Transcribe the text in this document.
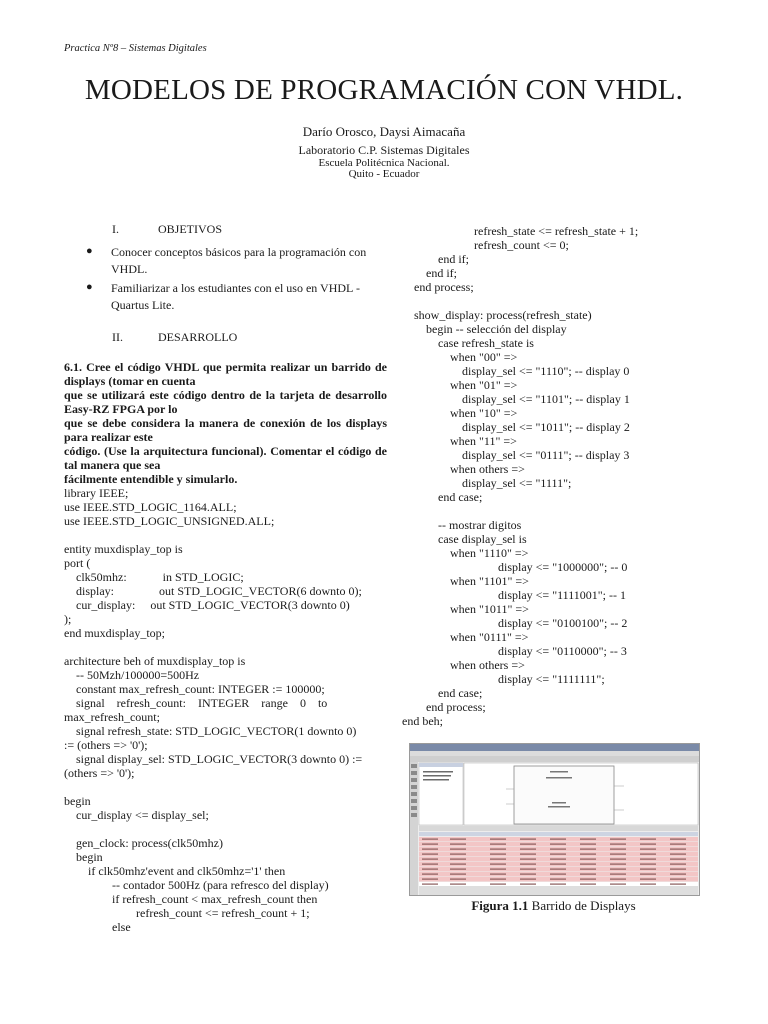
Practica Nº8 – Sistemas Digitales
MODELOS DE PROGRAMACIÓN CON VHDL.
Darío Orosco, Daysi Aimacaña
Laboratorio C.P. Sistemas Digitales
Escuela Politécnica Nacional.
Quito - Ecuador
I.	OBJETIVOS
●	Conocer conceptos básicos para la programación con VHDL.
●	Familiarizar a los estudiantes con el uso en VHDL - Quartus Lite.
II.	DESARROLLO
6.1. Cree el código VHDL que permita realizar un barrido de displays (tomar en cuenta
que se utilizará este código dentro de la tarjeta de desarrollo Easy-RZ FPGA por lo
que se debe considera la manera de conexión de los displays para realizar este
código. (Use la arquitectura funcional). Comentar el código de tal manera que sea
fácilmente entendible y simularlo.
library IEEE;
use IEEE.STD_LOGIC_1164.ALL;
use IEEE.STD_LOGIC_UNSIGNED.ALL;
entity muxdisplay_top is
port (
clk50mhz:            in STD_LOGIC;
display:               out STD_LOGIC_VECTOR(6 downto 0);
cur_display:     out STD_LOGIC_VECTOR(3 downto 0)
);
end muxdisplay_top;
architecture beh of muxdisplay_top is
-- 50Mzh/100000=500Hz
constant max_refresh_count: INTEGER := 100000;
signal    refresh_count:    INTEGER    range    0    to
max_refresh_count;
signal refresh_state: STD_LOGIC_VECTOR(1 downto 0)
:= (others => '0');
signal display_sel: STD_LOGIC_VECTOR(3 downto 0) :=
(others => '0');
begin
cur_display <= display_sel;
gen_clock: process(clk50mhz)
begin
if clk50mhz'event and clk50mhz='1' then
-- contador 500Hz (para refresco del display)
if refresh_count < max_refresh_count then
refresh_count <= refresh_count + 1;
else
refresh_state <= refresh_state + 1;
refresh_count <= 0;
end if;
end if;
end process;
show_display: process(refresh_state)
begin -- selección del display
case refresh_state is
when "00" =>
display_sel <= "1110"; -- display 0
when "01" =>
display_sel <= "1101"; -- display 1
when "10" =>
display_sel <= "1011"; -- display 2
when "11" =>
display_sel <= "0111"; -- display 3
when others =>
display_sel <= "1111";
end case;
-- mostrar digitos
case display_sel is
when "1110" =>
display <= "1000000"; -- 0
when "1101" =>
display <= "1111001"; -- 1
when "1011" =>
display <= "0100100"; -- 2
when "0111" =>
display <= "0110000"; -- 3
when others =>
display <= "1111111";
end case;
end process;
end beh;
Figura 1.1 Barrido de Displays
